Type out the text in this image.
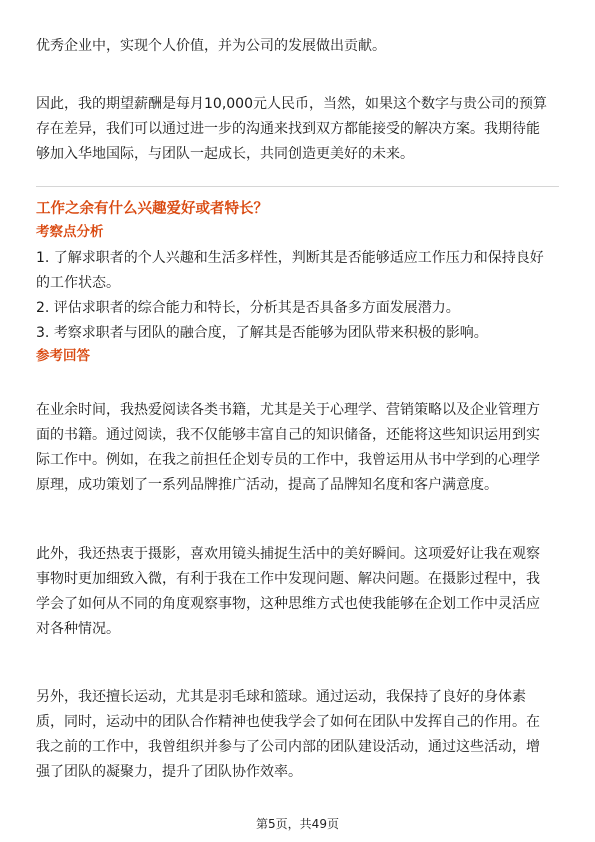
优秀企业中，实现个人价值，并为公司的发展做出贡献。
因此，我的期望薪酬是每月10,000元人民币，当然，如果这个数字与贵公司的预算
存在差异，我们可以通过进一步的沟通来找到双方都能接受的解决方案。我期待能
够加入华地国际，与团队一起成长，共同创造更美好的未来。
工作之余有什么兴趣爱好或者特长？
考察点分析
1. 了解求职者的个人兴趣和生活多样性，判断其是否能够适应工作压力和保持良好
的工作状态。
2. 评估求职者的综合能力和特长，分析其是否具备多方面发展潜力。
3. 考察求职者与团队的融合度，了解其是否能够为团队带来积极的影响。
参考回答
在业余时间，我热爱阅读各类书籍，尤其是关于心理学、营销策略以及企业管理方
面的书籍。通过阅读，我不仅能够丰富自己的知识储备，还能将这些知识运用到实
际工作中。例如，在我之前担任企划专员的工作中，我曾运用从书中学到的心理学
原理，成功策划了一系列品牌推广活动，提高了品牌知名度和客户满意度。
此外，我还热衷于摄影，喜欢用镜头捕捉生活中的美好瞬间。这项爱好让我在观察
事物时更加细致入微，有利于我在工作中发现问题、解决问题。在摄影过程中，我
学会了如何从不同的角度观察事物，这种思维方式也使我能够在企划工作中灵活应
对各种情况。
另外，我还擅长运动，尤其是羽毛球和篮球。通过运动，我保持了良好的身体素
质，同时，运动中的团队合作精神也使我学会了如何在团队中发挥自己的作用。在
我之前的工作中，我曾组织并参与了公司内部的团队建设活动，通过这些活动，增
强了团队的凝聚力，提升了团队协作效率。
第5页，共49页
